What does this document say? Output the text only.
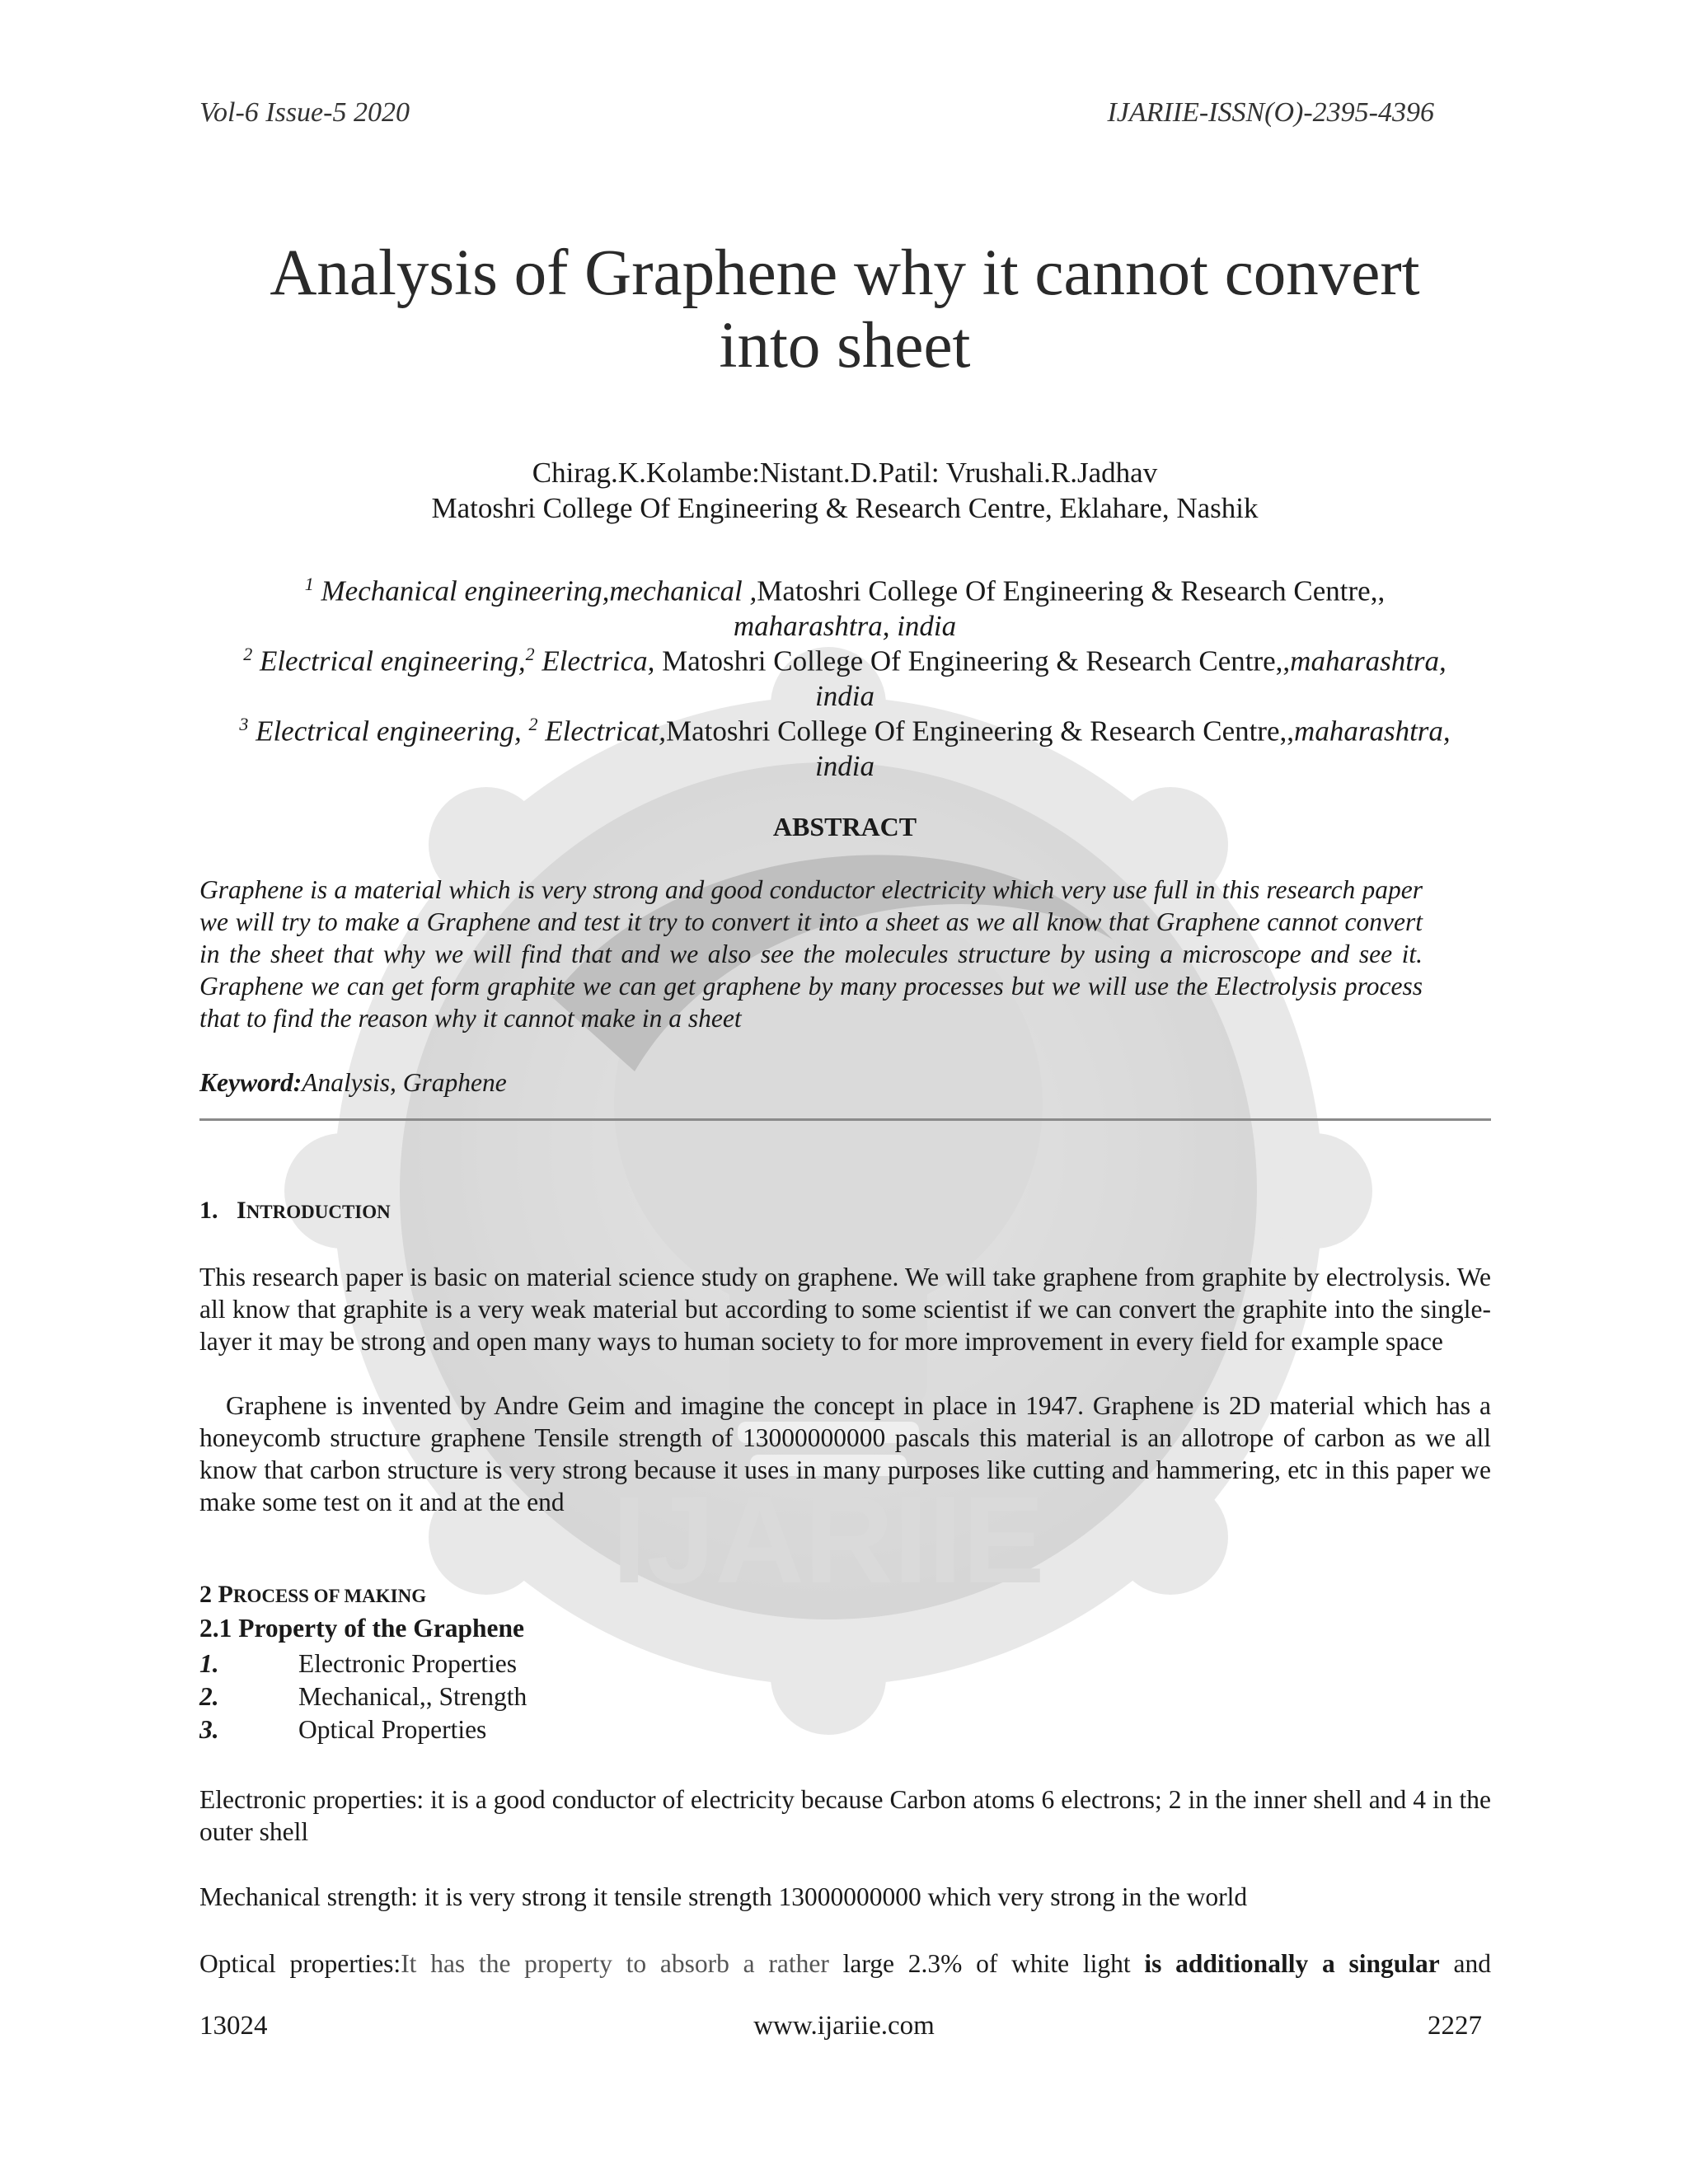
Vol-6 Issue-5 2020	IJARIIE-ISSN(O)-2395-4396
IJARIIE
Analysis of Graphene why it cannot convert
into sheet
Chirag.K.Kolambe:Nistant.D.Patil: Vrushali.R.Jadhav
Matoshri College Of Engineering & Research Centre, Eklahare, Nashik
$^1$ Mechanical engineering,mechanical ,Matoshri College Of Engineering & Research Centre,,
maharashtra, india
$^2$ Electrical engineering,$^2$ Electrica, Matoshri College Of Engineering & Research Centre,,maharashtra,
india
$^3$ Electrical engineering, $^2$ Electricat,Matoshri College Of Engineering & Research Centre,,maharashtra,
india
ABSTRACT
Graphene is a material which is very strong and good conductor electricity which very use full in this research paper we will try to make a Graphene and test it try to convert it into a sheet as we all know that Graphene cannot convert in the sheet that why we will find that and we also see the molecules structure by using a microscope and see it. Graphene we can get form graphite we can get graphene by many processes but we will use the Electrolysis process that to find the reason why it cannot make in a sheet
Keyword:Analysis, Graphene
1. INTRODUCTION
This research paper is basic on material science study on graphene. We will take graphene from graphite by electrolysis. We all know that graphite is a very weak material but according to some scientist if we can convert the graphite into the single-layer it may be strong and open many ways to human society to for more improvement in every field for example space
Graphene is invented by Andre Geim and imagine the concept in place in 1947. Graphene is 2D material which has a honeycomb structure graphene Tensile strength of 13000000000 pascals this material is an allotrope of carbon as we all know that carbon structure is very strong because it uses in many purposes like cutting and hammering, etc in this paper we make some test on it and at the end
2 PROCESS OF MAKING
2.1 Property of the Graphene
1.	Electronic Properties
2.	Mechanical,, Strength
3.	Optical Properties
Electronic properties: it is a good conductor of electricity because Carbon atoms 6 electrons; 2 in the inner shell and 4 in the outer shell
Mechanical strength: it is very strong it tensile strength 13000000000 which very strong in the world
Optical properties:It has the property to absorb a rather large 2.3% of white light is additionally a singular and
13024	www.ijariie.com	2227
